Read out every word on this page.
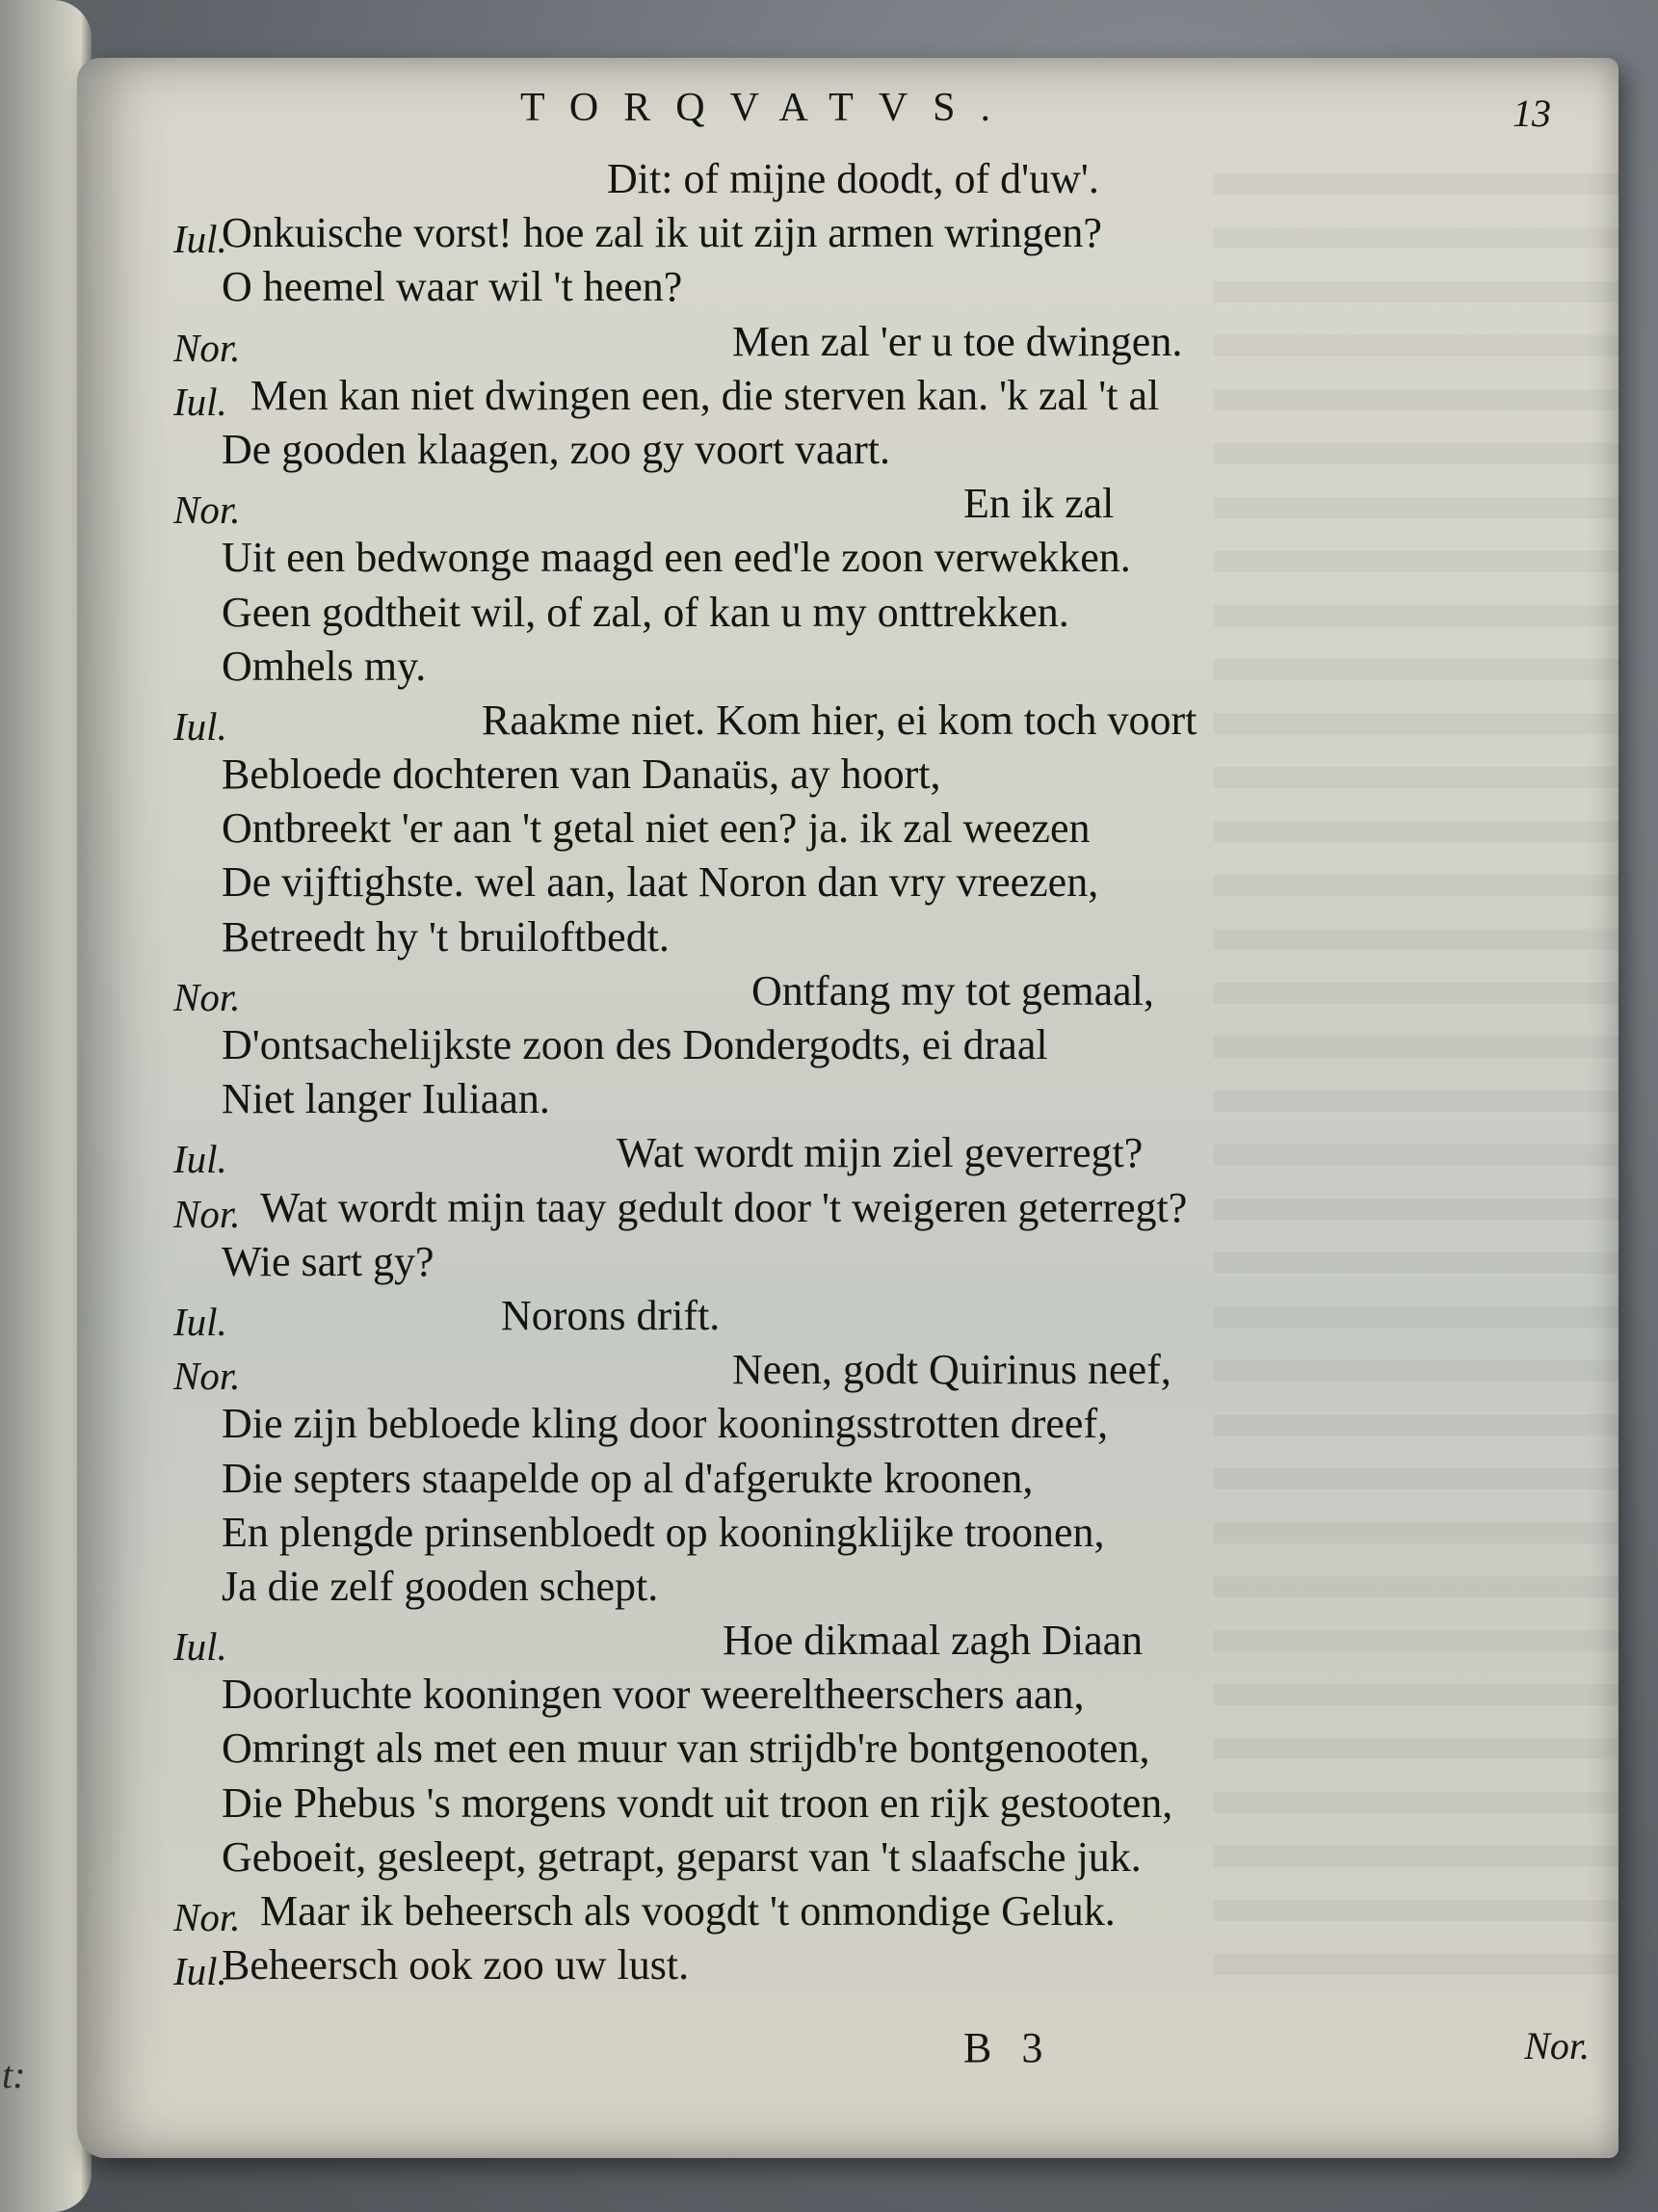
t:
TORQVATVS.	13
Dit: of mijne doodt, of d'uw'.
Iul.
Onkuische vorst! hoe zal ik uit zijn armen wringen?
O heemel waar wil 't heen?
Nor.	Men zal 'er u toe dwingen.
Iul. Men kan niet dwingen een, die sterven kan. 'k zal 't al
De gooden klaagen, zoo gy voort vaart.
Nor.	En ik zal
Uit een bedwonge maagd een eed'le zoon verwekken.
Geen godtheit wil, of zal, of kan u my onttrekken.
Omhels my.
Iul.	Raakme niet. Kom hier, ei kom toch voort
Bebloede dochteren van Danaüs, ay hoort,
Ontbreekt 'er aan 't getal niet een? ja. ik zal weezen
De vijftighste. wel aan, laat Noron dan vry vreezen,
Betreedt hy 't bruiloftbedt.
Nor.	Ontfang my tot gemaal,
D'ontsachelijkste zoon des Dondergodts, ei draal
Niet langer Iuliaan.
Iul.	Wat wordt mijn ziel geverregt?
Nor. Wat wordt mijn taay gedult door 't weigeren geterregt?
Wie sart gy?
Iul.	Norons drift.
Nor.	Neen, godt Quirinus neef,
Die zijn bebloede kling door kooningsstrotten dreef,
Die septers staapelde op al d'afgerukte kroonen,
En plengde prinsenbloedt op kooningklijke troonen,
Ja die zelf gooden schept.
Iul.	Hoe dikmaal zagh Diaan
Doorluchte kooningen voor weereltheerschers aan,
Omringt als met een muur van strijdb're bontgenooten,
Die Phebus 's morgens vondt uit troon en rijk gestooten,
Geboeit, gesleept, getrapt, geparst van 't slaafsche juk.
Nor. Maar ik beheersch als voogdt 't onmondige Geluk.
Iul.
Beheersch ook zoo uw lust.
B 3	Nor.
